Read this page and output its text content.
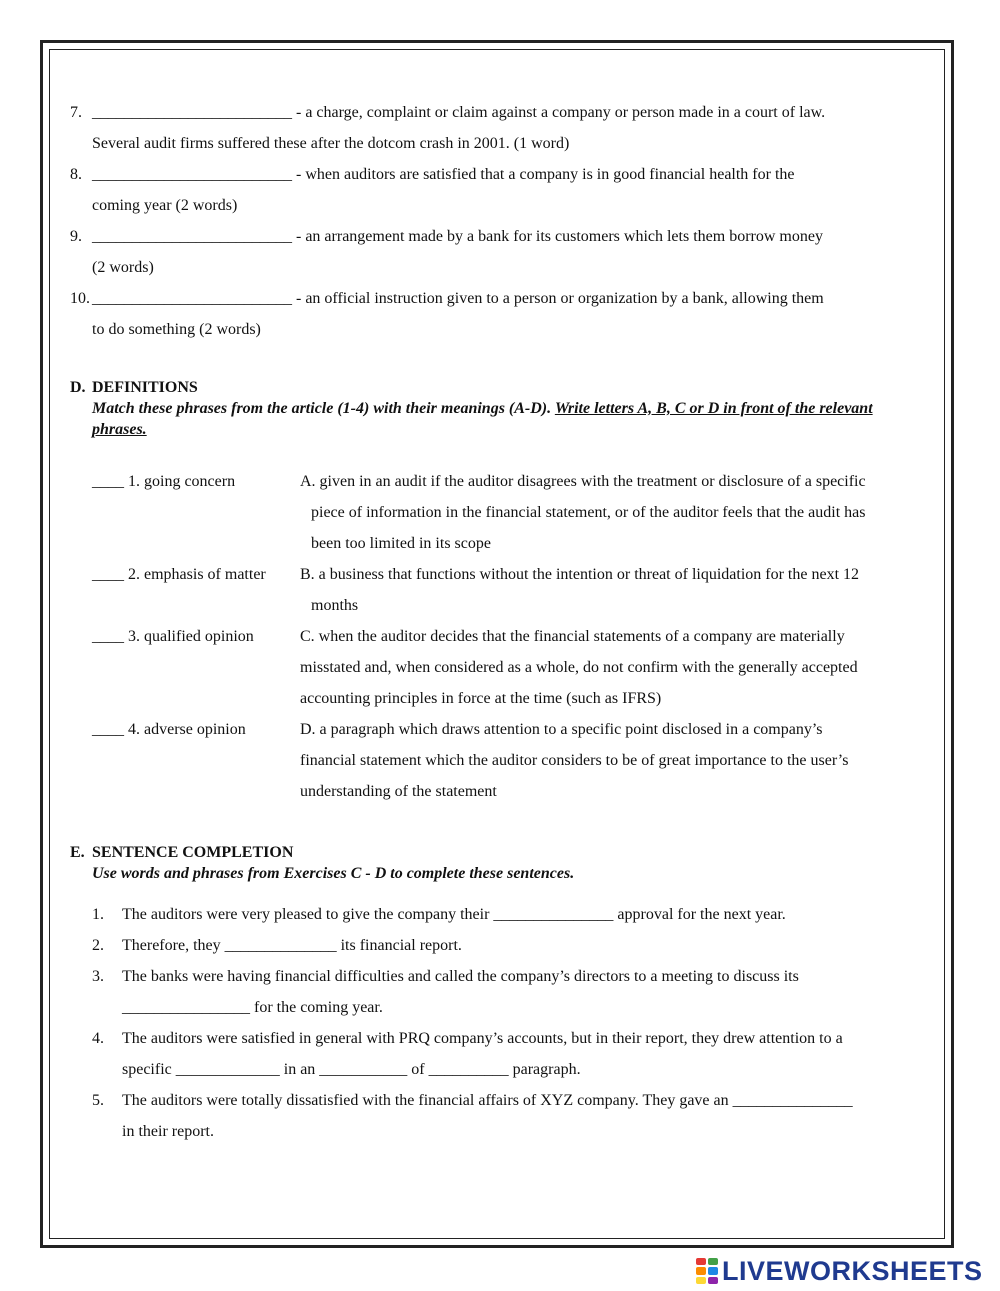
7. _________________________ - a charge, complaint or claim against a company or person made in a court of law.
Several audit firms suffered these after the dotcom crash in 2001. (1 word)
8. _________________________ - when auditors are satisfied that a company is in good financial health for the
coming year (2 words)
9. _________________________ - an arrangement made by a bank for its customers which lets them borrow money
(2 words)
10. _________________________ - an official instruction given to a person or organization by a bank, allowing them
to do something (2 words)
D. DEFINITIONS
Match these phrases from the article (1-4) with their meanings (A-D). Write letters A, B, C or D in front of the relevant phrases.
____ 1. going concern	A. given in an audit if the auditor disagrees with the treatment or disclosure of a specific
piece of information in the financial statement, or of the auditor feels that the audit has
been too limited in its scope
____ 2. emphasis of matter	B. a business that functions without the intention or threat of liquidation for the next 12
months
____ 3. qualified opinion	C. when the auditor decides that the financial statements of a company are materially
misstated and, when considered as a whole, do not confirm with the generally accepted
accounting principles in force at the time (such as IFRS)
____ 4. adverse opinion	D. a paragraph which draws attention to a specific point disclosed in a company’s
financial statement which the auditor considers to be of great importance to the user’s
understanding of the statement
E. SENTENCE COMPLETION
Use words and phrases from Exercises C - D to complete these sentences.
1.	The auditors were very pleased to give the company their _______________ approval for the next year.
2.	Therefore, they ______________ its financial report.
3.	The banks were having financial difficulties and called the company’s directors to a meeting to discuss its
________________ for the coming year.
4.	The auditors were satisfied in general with PRQ company’s accounts, but in their report, they drew attention to a
specific _____________ in an ___________ of __________ paragraph.
5.	The auditors were totally dissatisfied with the financial affairs of XYZ company. They gave an _______________
in their report.
LIVEWORKSHEETS
